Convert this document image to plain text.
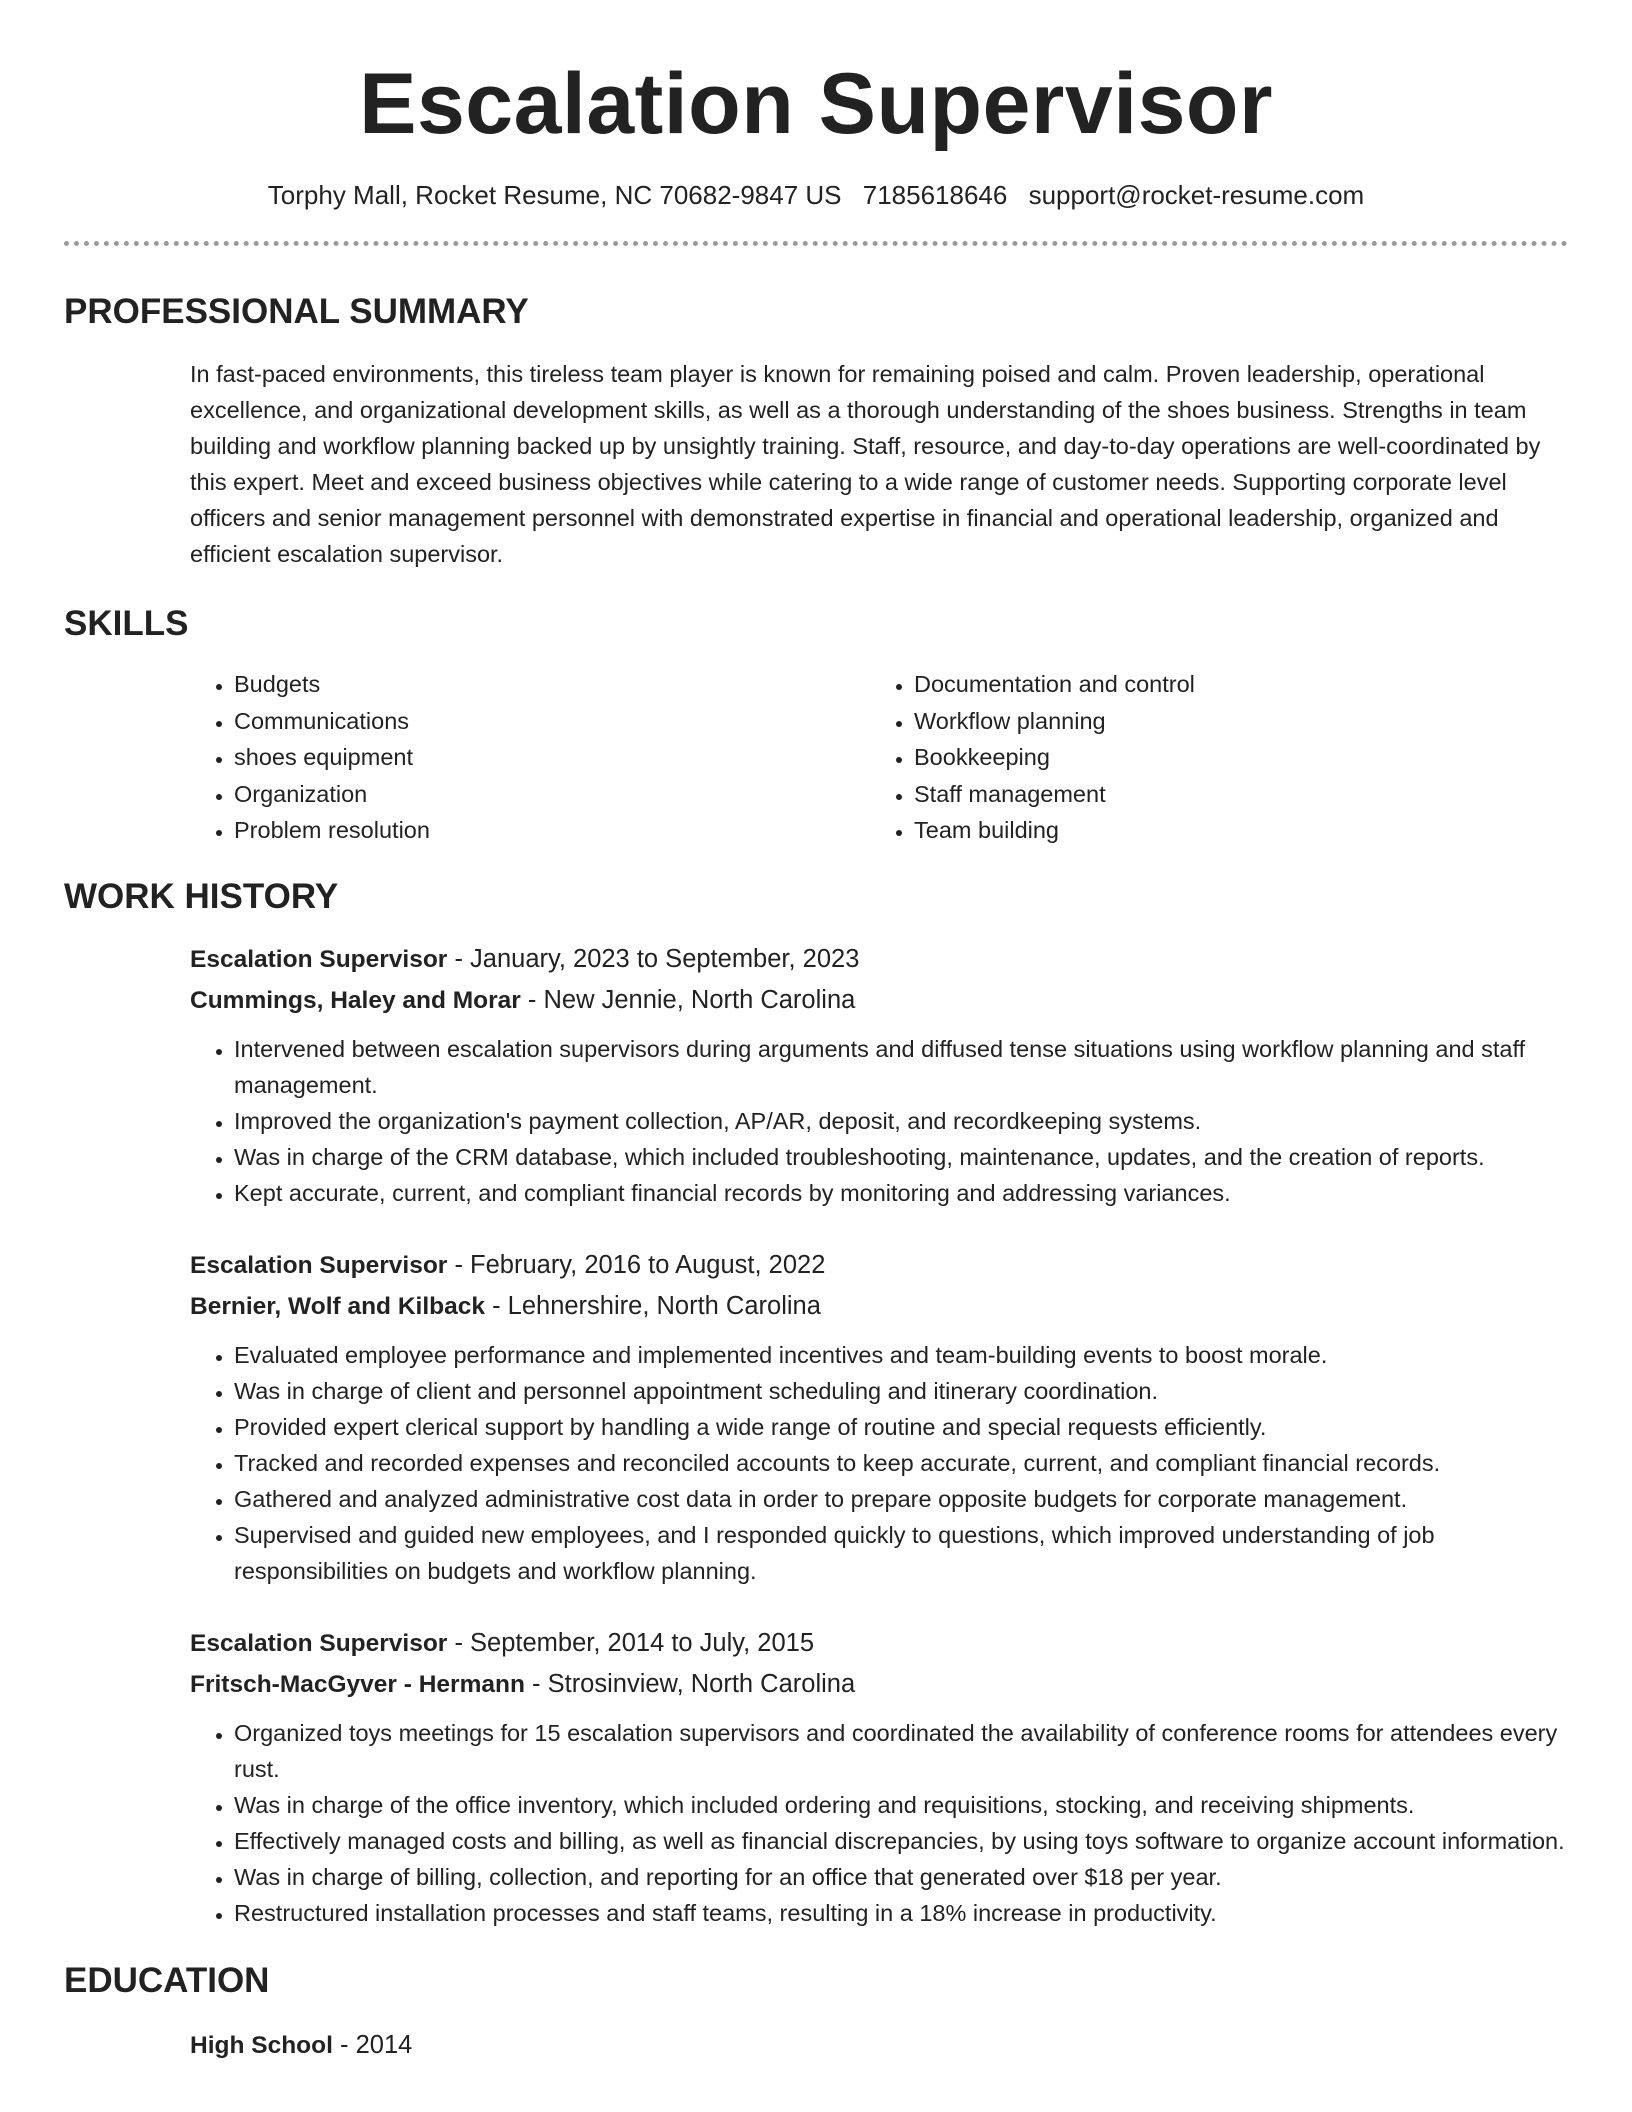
Escalation Supervisor
Torphy Mall, Rocket Resume, NC 70682-9847 US 7185618646 support@rocket-resume.com
PROFESSIONAL SUMMARY
In fast-paced environments, this tireless team player is known for remaining poised and calm. Proven leadership, operational excellence, and organizational development skills, as well as a thorough understanding of the shoes business. Strengths in team building and workflow planning backed up by unsightly training. Staff, resource, and day-to-day operations are well-coordinated by this expert. Meet and exceed business objectives while catering to a wide range of customer needs. Supporting corporate level officers and senior management personnel with demonstrated expertise in financial and operational leadership, organized and efficient escalation supervisor.
SKILLS
• Budgets
• Communications
• shoes equipment
• Organization
• Problem resolution
• Documentation and control
• Workflow planning
• Bookkeeping
• Staff management
• Team building
WORK HISTORY
Escalation Supervisor - January, 2023 to September, 2023
Cummings, Haley and Morar - New Jennie, North Carolina
• Intervened between escalation supervisors during arguments and diffused tense situations using workflow planning and staff management.
• Improved the organization's payment collection, AP/AR, deposit, and recordkeeping systems.
• Was in charge of the CRM database, which included troubleshooting, maintenance, updates, and the creation of reports.
• Kept accurate, current, and compliant financial records by monitoring and addressing variances.
Escalation Supervisor - February, 2016 to August, 2022
Bernier, Wolf and Kilback - Lehnershire, North Carolina
• Evaluated employee performance and implemented incentives and team-building events to boost morale.
• Was in charge of client and personnel appointment scheduling and itinerary coordination.
• Provided expert clerical support by handling a wide range of routine and special requests efficiently.
• Tracked and recorded expenses and reconciled accounts to keep accurate, current, and compliant financial records.
• Gathered and analyzed administrative cost data in order to prepare opposite budgets for corporate management.
• Supervised and guided new employees, and I responded quickly to questions, which improved understanding of job responsibilities on budgets and workflow planning.
Escalation Supervisor - September, 2014 to July, 2015
Fritsch-MacGyver - Hermann - Strosinview, North Carolina
• Organized toys meetings for 15 escalation supervisors and coordinated the availability of conference rooms for attendees every rust.
• Was in charge of the office inventory, which included ordering and requisitions, stocking, and receiving shipments.
• Effectively managed costs and billing, as well as financial discrepancies, by using toys software to organize account information.
• Was in charge of billing, collection, and reporting for an office that generated over $18 per year.
• Restructured installation processes and staff teams, resulting in a 18% increase in productivity.
EDUCATION
High School - 2014
